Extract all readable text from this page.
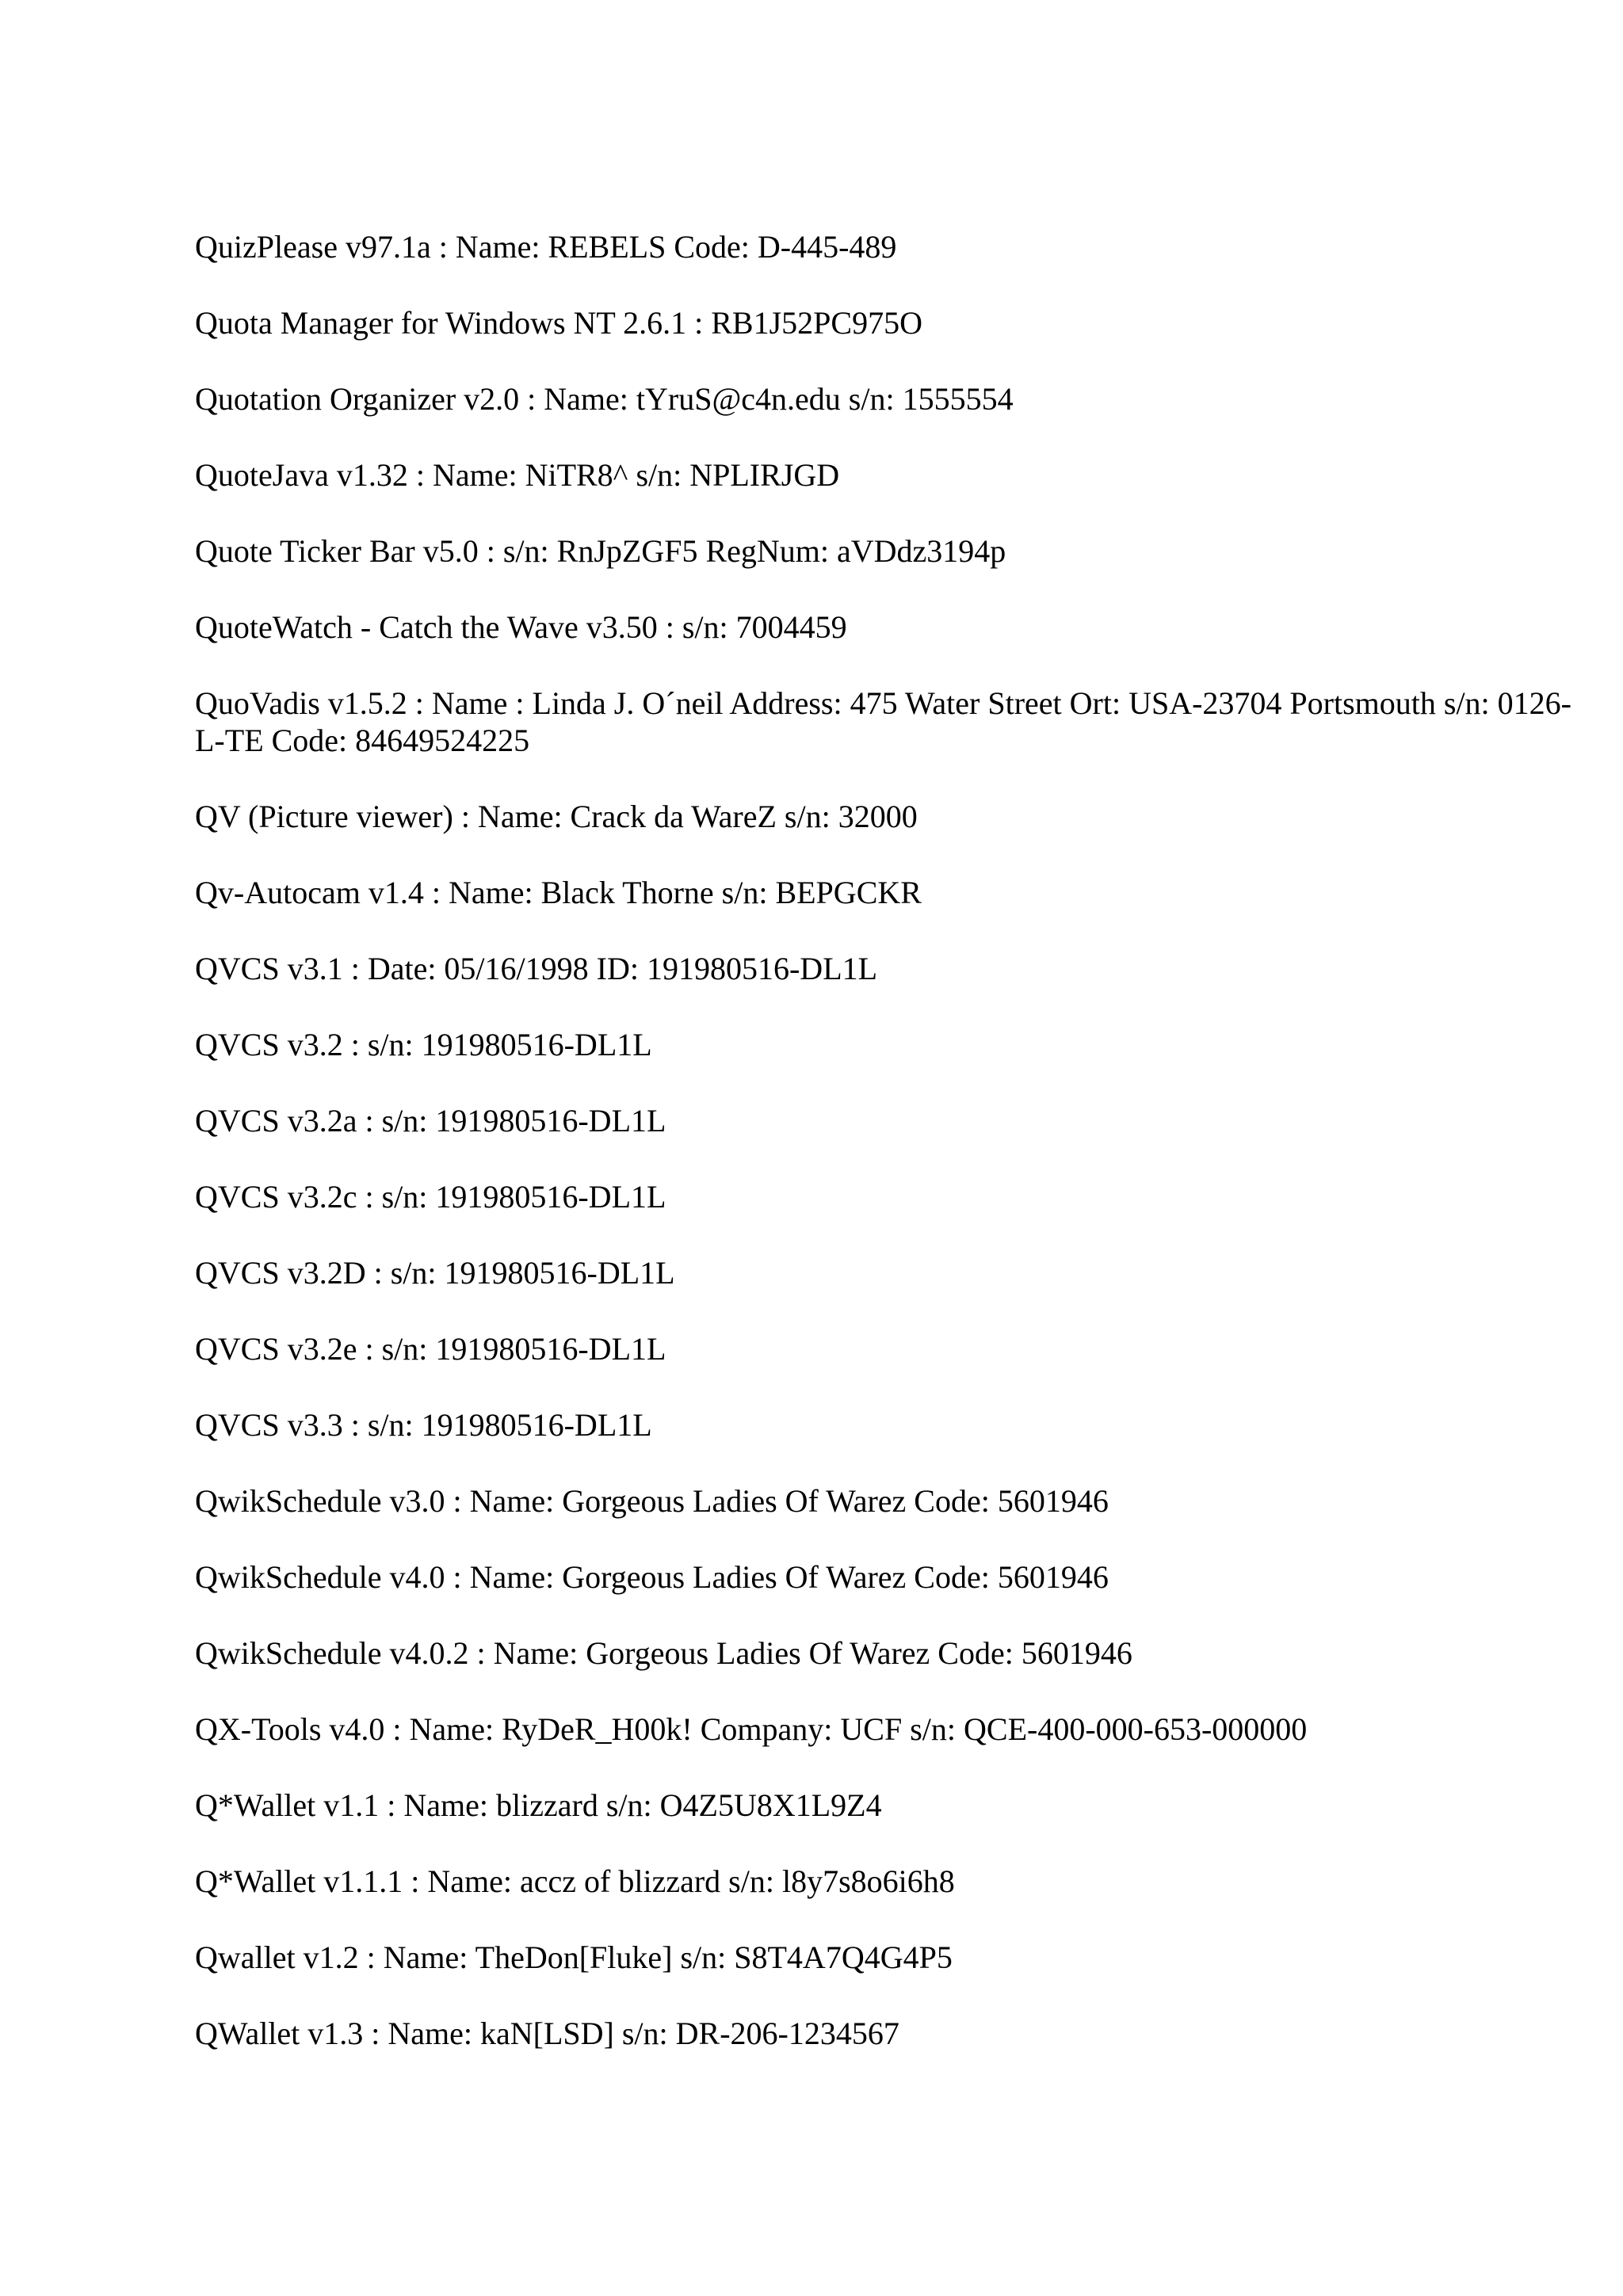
QuizPlease v97.1a : Name: REBELS Code: D-445-489
Quota Manager for Windows NT 2.6.1 : RB1J52PC975O
Quotation Organizer v2.0 : Name: tYruS@c4n.edu s/n: 1555554
QuoteJava v1.32 : Name: NiTR8^ s/n: NPLIRJGD
Quote Ticker Bar v5.0 : s/n: RnJpZGF5 RegNum: aVDdz3194p
QuoteWatch - Catch the Wave v3.50 : s/n: 7004459
QuoVadis v1.5.2 : Name : Linda J. O´neil Address: 475 Water Street Ort: USA-23704 Portsmouth s/n: 0126-L-TE Code: 84649524225
QV (Picture viewer) : Name: Crack da WareZ s/n: 32000
Qv-Autocam v1.4 : Name: Black Thorne s/n: BEPGCKR
QVCS v3.1 : Date: 05/16/1998 ID: 191980516-DL1L
QVCS v3.2 : s/n: 191980516-DL1L
QVCS v3.2a : s/n: 191980516-DL1L
QVCS v3.2c : s/n: 191980516-DL1L
QVCS v3.2D : s/n: 191980516-DL1L
QVCS v3.2e : s/n: 191980516-DL1L
QVCS v3.3 : s/n: 191980516-DL1L
QwikSchedule v3.0 : Name: Gorgeous Ladies Of Warez Code: 5601946
QwikSchedule v4.0 : Name: Gorgeous Ladies Of Warez Code: 5601946
QwikSchedule v4.0.2 : Name: Gorgeous Ladies Of Warez Code: 5601946
QX-Tools v4.0 : Name: RyDeR_H00k! Company: UCF s/n: QCE-400-000-653-000000
Q*Wallet v1.1 : Name: blizzard s/n: O4Z5U8X1L9Z4
Q*Wallet v1.1.1 : Name: accz of blizzard s/n: l8y7s8o6i6h8
Qwallet v1.2 : Name: TheDon[Fluke] s/n: S8T4A7Q4G4P5
QWallet v1.3 : Name: kaN[LSD] s/n: DR-206-1234567
